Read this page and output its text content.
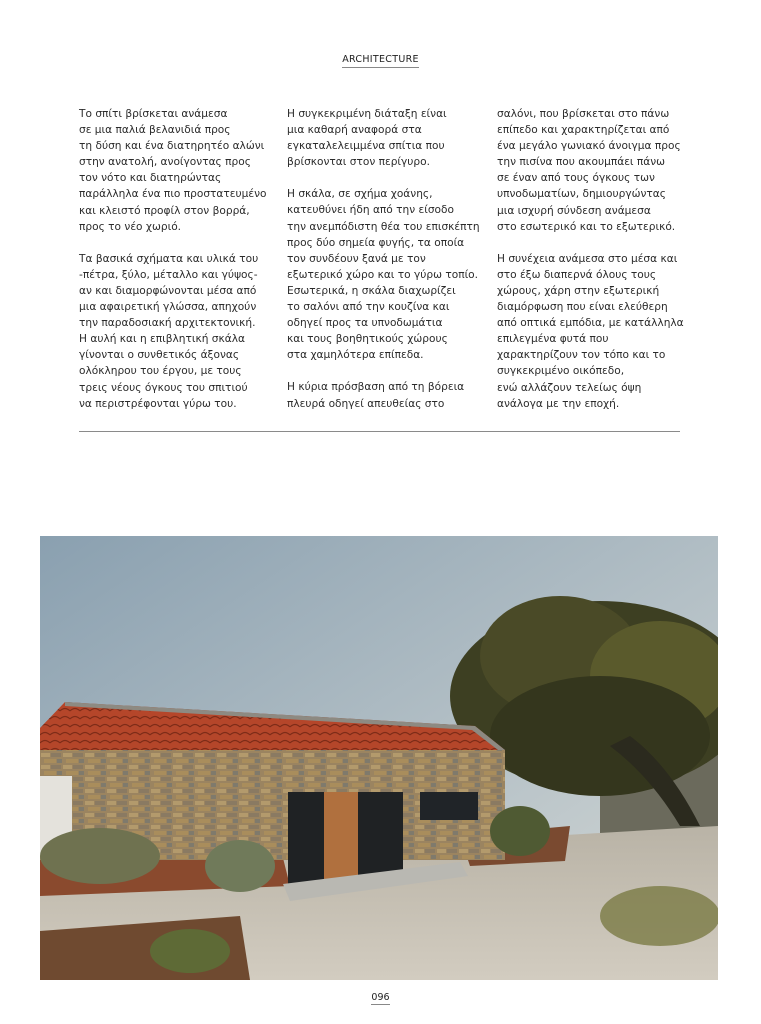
ARCHITECTURE

Το σπίτι βρίσκεται ανάμεσα
σε μια παλιά βελανιδιά προς
τη δύση και ένα διατηρητέο αλώνι
στην ανατολή, ανοίγοντας προς
τον νότο και διατηρώντας
παράλληλα ένα πιο προστατευμένο
και κλειστό προφίλ στον βορρά,
προς το νέο χωριό.

Τα βασικά σχήματα και υλικά του
-πέτρα, ξύλο, μέταλλο και γύψος-
αν και διαμορφώνονται μέσα από
μια αφαιρετική γλώσσα, απηχούν
την παραδοσιακή αρχιτεκτονική.
Η αυλή και η επιβλητική σκάλα
γίνονται ο συνθετικός άξονας
ολόκληρου του έργου, με τους
τρεις νέους όγκους του σπιτιού
να περιστρέφονται γύρω του.

Η συγκεκριμένη διάταξη είναι
μια καθαρή αναφορά στα
εγκαταλελειμμένα σπίτια που
βρίσκονται στον περίγυρο.

Η σκάλα, σε σχήμα χοάνης,
κατευθύνει ήδη από την είσοδο
την ανεμπόδιστη θέα του επισκέπτη
προς δύο σημεία φυγής, τα οποία
τον συνδέουν ξανά με τον
εξωτερικό χώρο και το γύρω τοπίο.
Εσωτερικά, η σκάλα διαχωρίζει
το σαλόνι από την κουζίνα και
οδηγεί προς τα υπνοδωμάτια
και τους βοηθητικούς χώρους
στα χαμηλότερα επίπεδα.

Η κύρια πρόσβαση από τη βόρεια
πλευρά οδηγεί απευθείας στο

σαλόνι, που βρίσκεται στο πάνω
επίπεδο και χαρακτηρίζεται από
ένα μεγάλο γωνιακό άνοιγμα προς
την πισίνα που ακουμπάει πάνω
σε έναν από τους όγκους των
υπνοδωματίων, δημιουργώντας
μια ισχυρή σύνδεση ανάμεσα
στο εσωτερικό και το εξωτερικό.

Η συνέχεια ανάμεσα στο μέσα και
στο έξω διαπερνά όλους τους
χώρους, χάρη στην εξωτερική
διαμόρφωση που είναι ελεύθερη
από οπτικά εμπόδια, με κατάλληλα
επιλεγμένα φυτά που
χαρακτηρίζουν τον τόπο και το
συγκεκριμένο οικόπεδο,
ενώ αλλάζουν τελείως όψη
ανάλογα με την εποχή.

096
